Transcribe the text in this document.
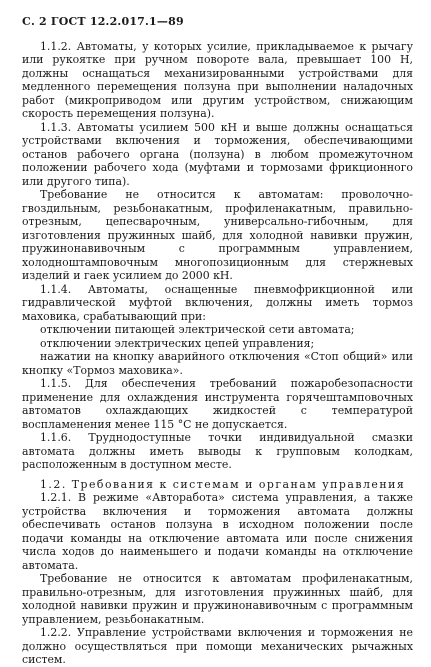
С. 2 ГОСТ 12.2.017.1—89

1.1.2. Автоматы, у которых усилие, прикладываемое к рычагу или рукоятке при ручном повороте вала, превышает 100 Н, должны оснащаться механизированными устройствами для медленного перемещения ползуна при выполнении наладочных работ (микроприводом или другим устройством, снижающим скорость перемещения ползуна).

1.1.3. Автоматы усилием 500 кН и выше должны оснащаться устройствами включения и торможения, обеспечивающими останов рабочего органа (ползуна) в любом промежуточном положении рабочего хода (муфтами и тормозами фрикционного или другого типа).

Требование не относится к автоматам: проволочно-гвоздильным, резьбонакатным, профиленакатным, правильно-отрезным, цепесварочным, универсально-гибочным, для изготовления пружинных шайб, для холодной навивки пружин, пружинонавивочным с программным управлением, холодноштамповочным многопозиционным для стержневых изделий и гаек усилием до 2000 кН.

1.1.4. Автоматы, оснащенные пневмофрикционной или гидравлической муфтой включения, должны иметь тормоз маховика, срабатывающий при:

отключении питающей электрической сети автомата;

отключении электрических цепей управления;

нажатии на кнопку аварийного отключения «Стоп общий» или кнопку «Тормоз маховика».

1.1.5. Для обеспечения требований пожаробезопасности применение для охлаждения инструмента горячештамповочных автоматов охлаждающих жидкостей с температурой воспламенения менее 115 °С не допускается.

1.1.6. Труднодоступные точки индивидуальной смазки автомата должны иметь выводы к групповым колодкам, расположенным в доступном месте.

1.2. Требования к системам и органам управления

1.2.1. В режиме «Авторабота» система управления, а также устройства включения и торможения автомата должны обеспечивать останов ползуна в исходном положении после подачи команды на отключение автомата или после снижения числа ходов до наименьшего и подачи команды на отключение автомата.

Требование не относится к автоматам профиленакатным, правильно-отрезным, для изготовления пружинных шайб, для холодной навивки пружин и пружинонавивочным с программным управлением, резьбонакатным.

1.2.2. Управление устройствами включения и торможения не должно осуществляться при помощи механических рычажных систем.
